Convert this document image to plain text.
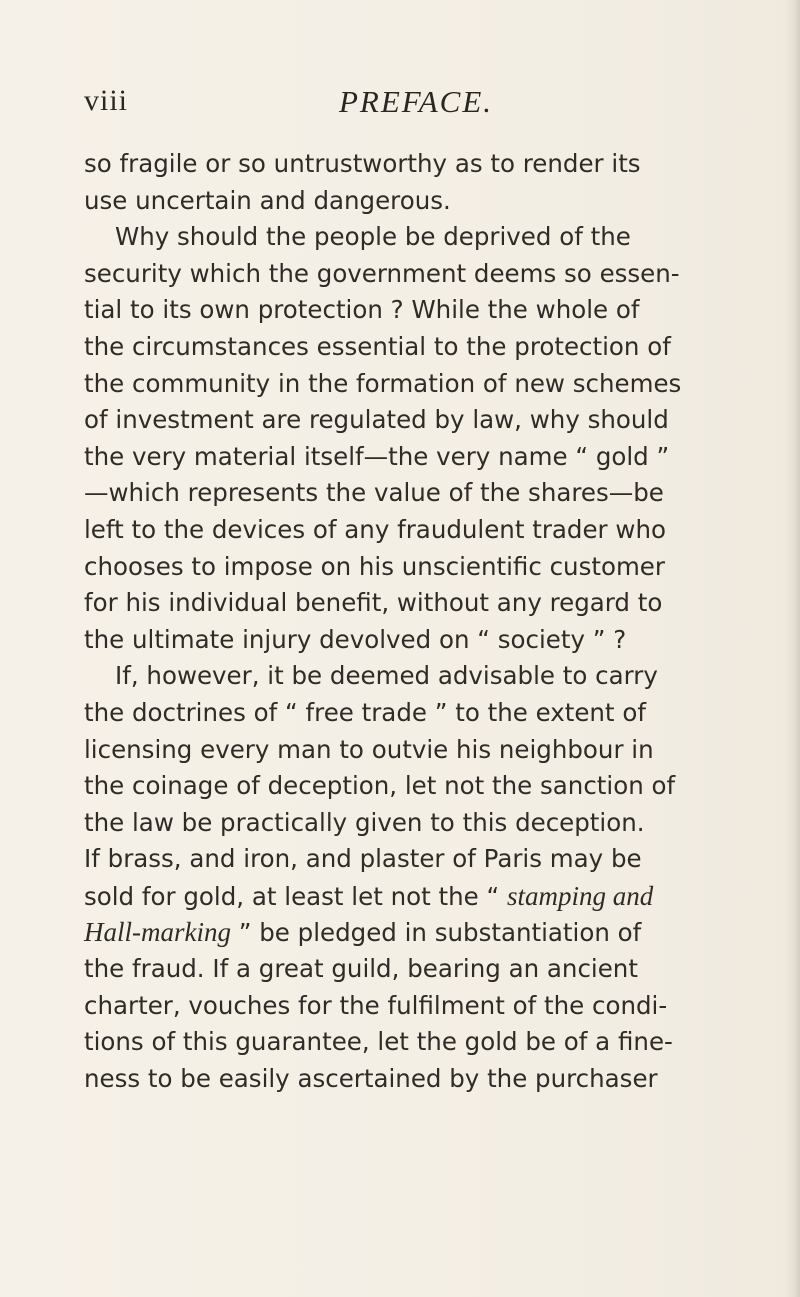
viii	PREFACE.
so fragile or so untrustworthy as to render its
use uncertain and dangerous.
Why should the people be deprived of the
security which the government deems so essen-
tial to its own protection ? While the whole of
the circumstances essential to the protection of
the community in the formation of new schemes
of investment are regulated by law, why should
the very material itself—the very name “ gold ”
—which represents the value of the shares—be
left to the devices of any fraudulent trader who
chooses to impose on his unscientific customer
for his individual benefit, without any regard to
the ultimate injury devolved on “ society ” ?
If, however, it be deemed advisable to carry
the doctrines of “ free trade ” to the extent of
licensing every man to outvie his neighbour in
the coinage of deception, let not the sanction of
the law be practically given to this deception.
If brass, and iron, and plaster of Paris may be
sold for gold, at least let not the “ stamping and
Hall-marking ” be pledged in substantiation of
the fraud. If a great guild, bearing an ancient
charter, vouches for the fulfilment of the condi-
tions of this guarantee, let the gold be of a fine-
ness to be easily ascertained by the purchaser
